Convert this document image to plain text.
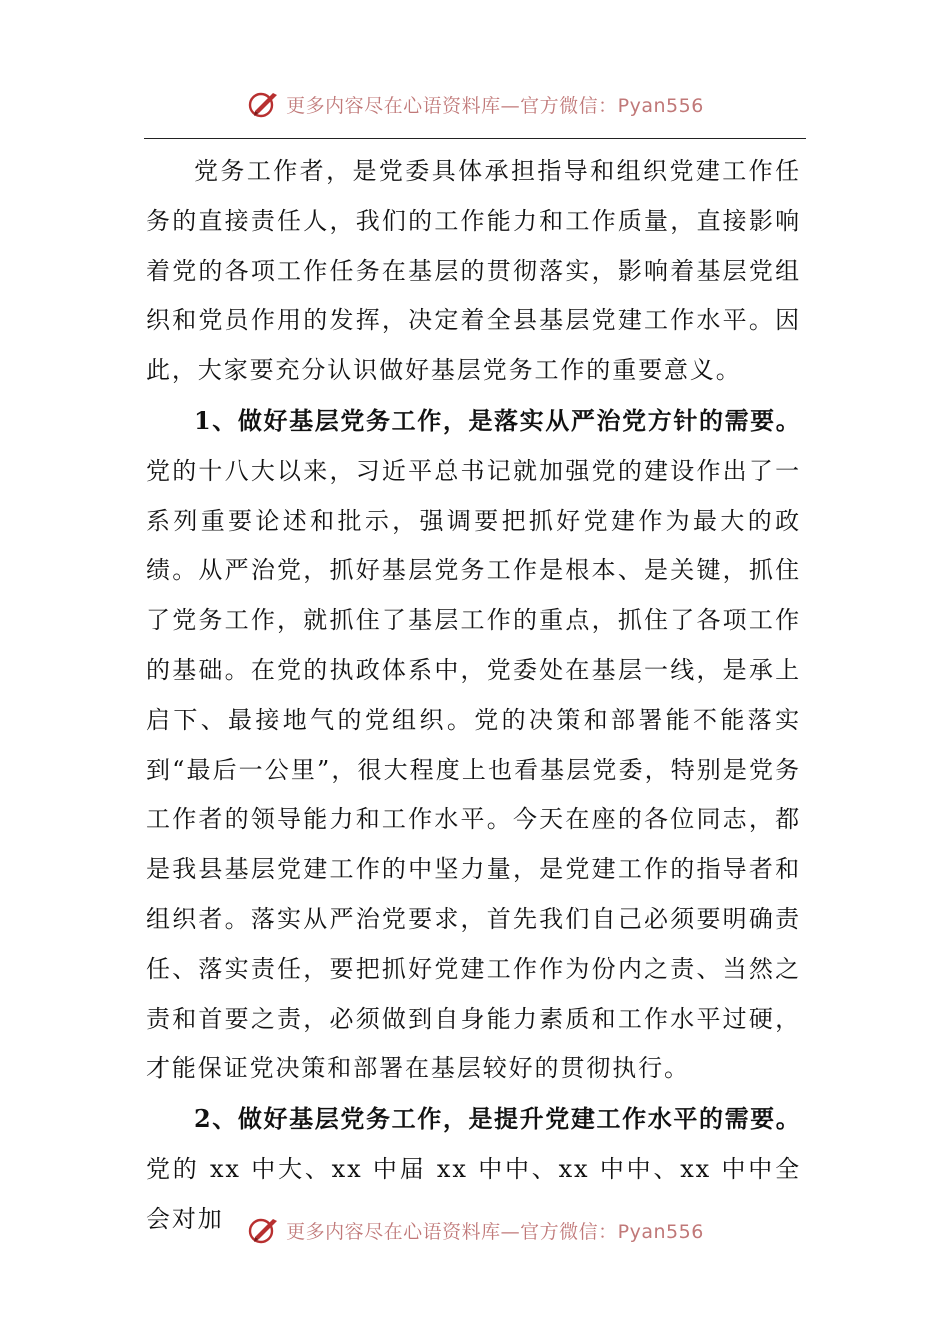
更多内容尽在心语资料库—官方微信：Pyan556

党务工作者，是党委具体承担指导和组织党建工作任务的直接责任人，我们的工作能力和工作质量，直接影响着党的各项工作任务在基层的贯彻落实，影响着基层党组织和党员作用的发挥，决定着全县基层党建工作水平。因此，大家要充分认识做好基层党务工作的重要意义。

1、做好基层党务工作，是落实从严治党方针的需要。党的十八大以来，习近平总书记就加强党的建设作出了一系列重要论述和批示，强调要把抓好党建作为最大的政绩。从严治党，抓好基层党务工作是根本、是关键，抓住了党务工作，就抓住了基层工作的重点，抓住了各项工作的基础。在党的执政体系中，党委处在基层一线，是承上启下、最接地气的党组织。党的决策和部署能不能落实到“最后一公里”，很大程度上也看基层党委，特别是党务工作者的领导能力和工作水平。今天在座的各位同志，都是我县基层党建工作的中坚力量，是党建工作的指导者和组织者。落实从严治党要求，首先我们自己必须要明确责任、落实责任，要把抓好党建工作作为份内之责、当然之责和首要之责，必须做到自身能力素质和工作水平过硬，才能保证党决策和部署在基层较好的贯彻执行。

2、做好基层党务工作，是提升党建工作水平的需要。党的 xx 中大、xx 中届 xx 中中、xx 中中、xx 中中全会对加	更多内容尽在心语资料库—官方微信：Pyan556
